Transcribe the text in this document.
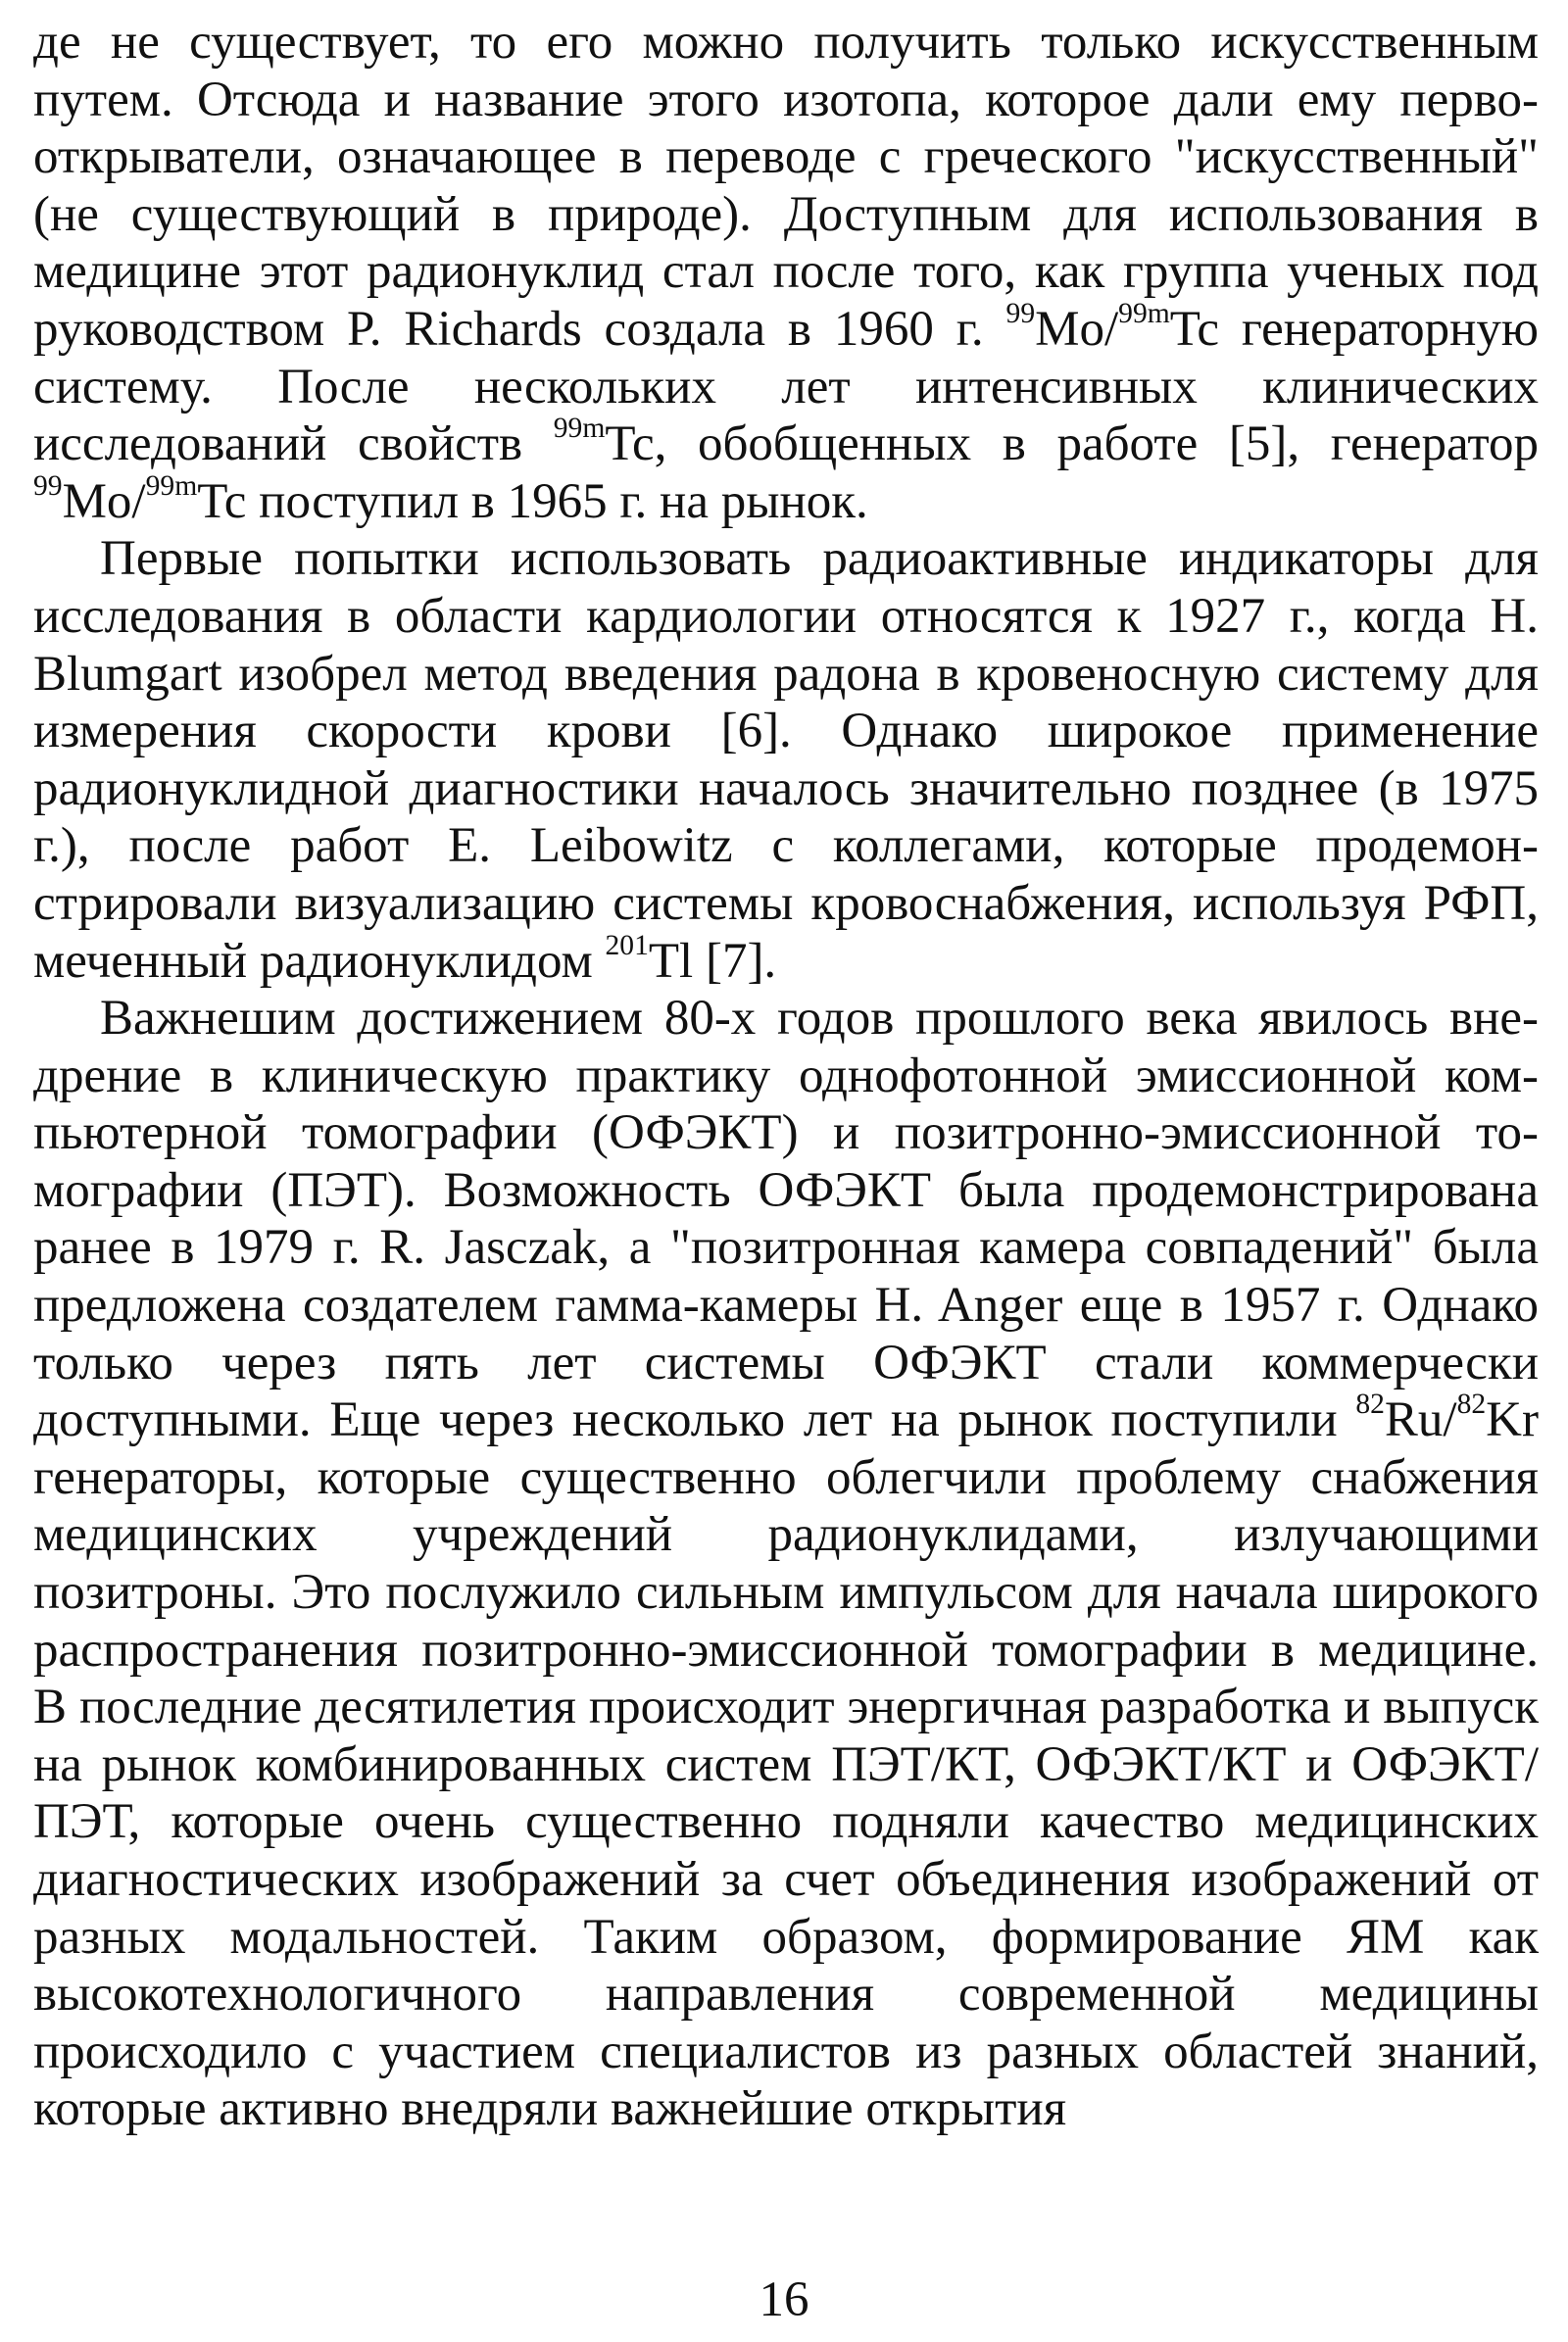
де не существует, то его можно получить только искусственным путем. Отсюда и название этого изотопа, которое дали ему первооткрыватели, означающее в переводе с греческого "искусственный" (не существующий в природе). Доступным для использования в медицине этот радионуклид стал после того, как группа ученых под руководством P. Richards создала в 1960 г. $^{99}$Mo/$^{99m}$Tc генераторную систему. После нескольких лет интенсивных клинических исследований свойств $^{99m}$Tc, обобщенных в работе [5], генератор $^{99}$Mo/$^{99m}$Tc поступил в 1965 г. на рынок.

Первые попытки использовать радиоактивные индикаторы для исследования в области кардиологии относятся к 1927 г., когда H. Blumgart изобрел метод введения радона в кровеносную систему для измерения скорости крови [6]. Однако широкое применение радионуклидной диагностики началось значительно позднее (в 1975 г.), после работ E. Leibowitz с коллегами, которые продемонстрировали визуализацию системы кровоснабжения, используя РФП, меченный радионуклидом $^{201}$Tl [7].

Важнешим достижением 80-х годов прошлого века явилось внедрение в клиническую практику однофотонной эмиссионной компьютерной томографии (ОФЭКТ) и позитронно-эмиссионной томографии (ПЭТ). Возможность ОФЭКТ была продемонстрирована ранее в 1979 г. R. Jasczak, а "позитронная камера совпадений" была предложена создателем гамма-камеры H. Anger еще в 1957 г. Однако только через пять лет системы ОФЭКТ стали коммерчески доступными. Еще через несколько лет на рынок поступили $^{82}$Ru/$^{82}$Kr генераторы, которые существенно облегчили проблему снабжения медицинских учреждений радионуклидами, излучающими позитроны. Это послужило сильным импульсом для начала широкого распространения позитронно-эмиссионной томографии в медицине. В последние десятилетия происходит энергичная разработка и выпуск на рынок комбинированных систем ПЭТ/КТ, ОФЭКТ/КТ и ОФЭКТ/ПЭТ, которые очень существенно подняли качество медицинских диагностических изображений за счет объединения изображений от разных модальностей. Таким образом, формирование ЯМ как высокотехнологичного направления современной медицины происходило с участием специалистов из разных областей знаний, которые активно внедряли важнейшие открытия

16
